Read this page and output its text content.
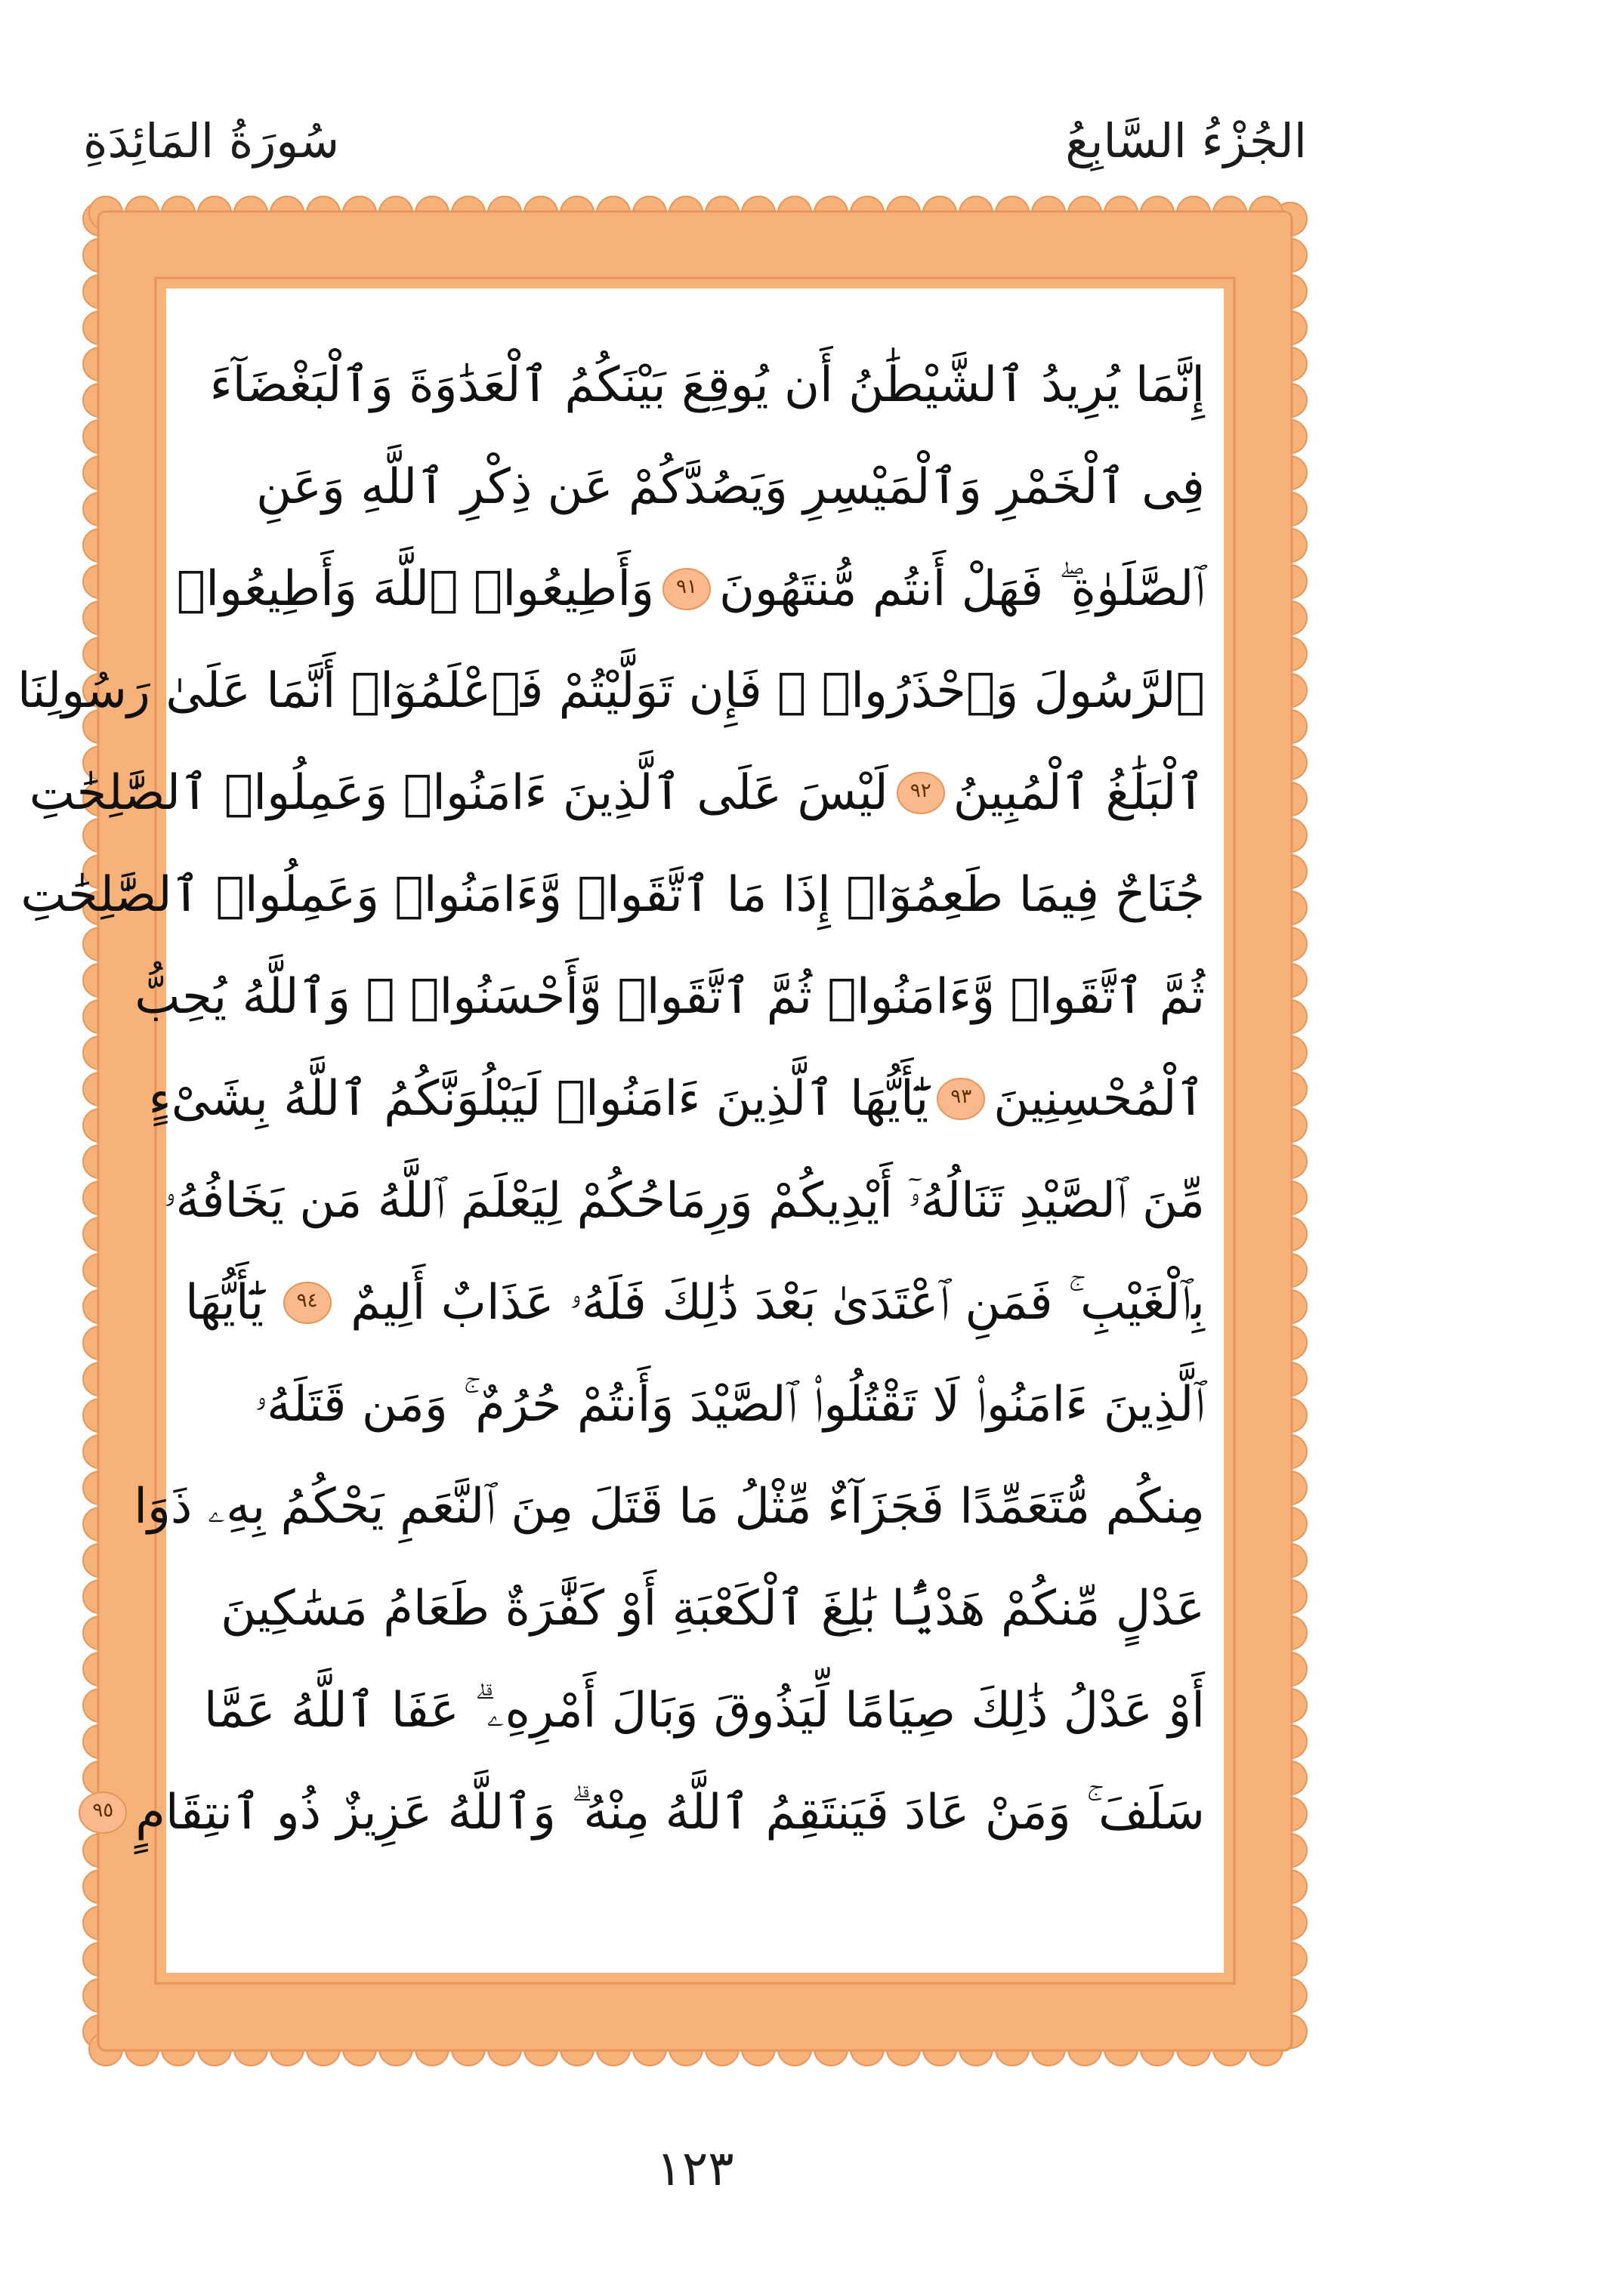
الجُزْءُ السَّابِعُ
سُورَةُ المَائِدَةِ
إِنَّمَا يُرِيدُ ٱلشَّيْطَٰنُ أَن يُوقِعَ بَيْنَكُمُ ٱلْعَدَٰوَةَ وَٱلْبَغْضَآءَ
فِى ٱلْخَمْرِ وَٱلْمَيْسِرِ وَيَصُدَّكُمْ عَن ذِكْرِ ٱللَّهِ وَعَنِ
ٱلصَّلَوٰةِ ۖ فَهَلْ أَنتُم مُّنتَهُونَ
٩١
وَأَطِيعُوا۟ ٱللَّهَ وَأَطِيعُوا۟
ٱلرَّسُولَ وَٱحْذَرُوا۟ ۚ فَإِن تَوَلَّيْتُمْ فَٱعْلَمُوٓا۟ أَنَّمَا عَلَىٰ رَسُولِنَا
ٱلْبَلَٰغُ ٱلْمُبِينُ
٩٢
لَيْسَ عَلَى ٱلَّذِينَ ءَامَنُوا۟ وَعَمِلُوا۟ ٱلصَّٰلِحَٰتِ
جُنَاحٌ فِيمَا طَعِمُوٓا۟ إِذَا مَا ٱتَّقَوا۟ وَّءَامَنُوا۟ وَعَمِلُوا۟ ٱلصَّٰلِحَٰتِ
ثُمَّ ٱتَّقَوا۟ وَّءَامَنُوا۟ ثُمَّ ٱتَّقَوا۟ وَّأَحْسَنُوا۟ ۗ وَٱللَّهُ يُحِبُّ
ٱلْمُحْسِنِينَ
٩٣
يَٰٓأَيُّهَا ٱلَّذِينَ ءَامَنُوا۟ لَيَبْلُوَنَّكُمُ ٱللَّهُ بِشَىْءٍ
مِّنَ ٱلصَّيْدِ تَنَالُهُۥٓ أَيْدِيكُمْ وَرِمَاحُكُمْ لِيَعْلَمَ ٱللَّهُ مَن يَخَافُهُۥ
بِٱلْغَيْبِ ۚ فَمَنِ ٱعْتَدَىٰ بَعْدَ ذَٰلِكَ فَلَهُۥ عَذَابٌ أَلِيمٌ
٩٤
يَٰٓأَيُّهَا
ٱلَّذِينَ ءَامَنُوا۟ لَا تَقْتُلُوا۟ ٱلصَّيْدَ وَأَنتُمْ حُرُمٌ ۚ وَمَن قَتَلَهُۥ
مِنكُم مُّتَعَمِّدًا فَجَزَآءٌ مِّثْلُ مَا قَتَلَ مِنَ ٱلنَّعَمِ يَحْكُمُ بِهِۦ ذَوَا
عَدْلٍ مِّنكُمْ هَدْيًۢا بَٰلِغَ ٱلْكَعْبَةِ أَوْ كَفَّٰرَةٌ طَعَامُ مَسَٰكِينَ
أَوْ عَدْلُ ذَٰلِكَ صِيَامًا لِّيَذُوقَ وَبَالَ أَمْرِهِۦ ۗ عَفَا ٱللَّهُ عَمَّا
سَلَفَ ۚ وَمَنْ عَادَ فَيَنتَقِمُ ٱللَّهُ مِنْهُ ۗ وَٱللَّهُ عَزِيزٌ ذُو ٱنتِقَامٍ
٩٥
١٢٣
